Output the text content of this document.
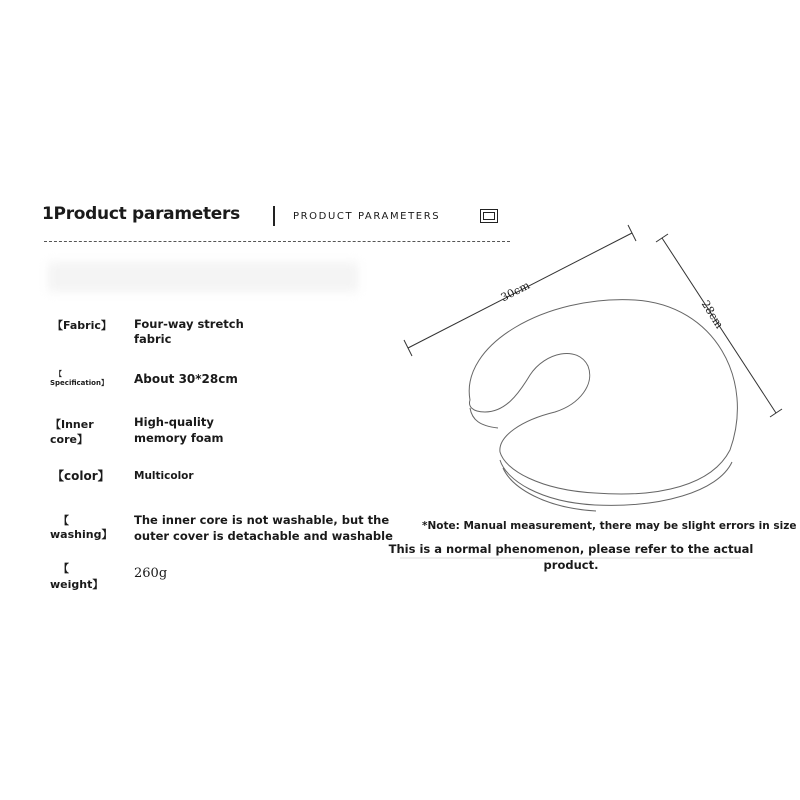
1Product parameters	PRODUCT PARAMETERS
【Fabric】 Four-way stretch
fabric
【
Specification】 About 30*28cm
【Inner
core】
High-quality
memory foam
【color】 Multicolor
【
washing】
The inner core is not washable, but the
outer cover is detachable and washable
【
weight】
260g
30cm
28cm
*Note: Manual measurement, there may be slight errors in size
This is a normal phenomenon, please refer to the actual
product.
